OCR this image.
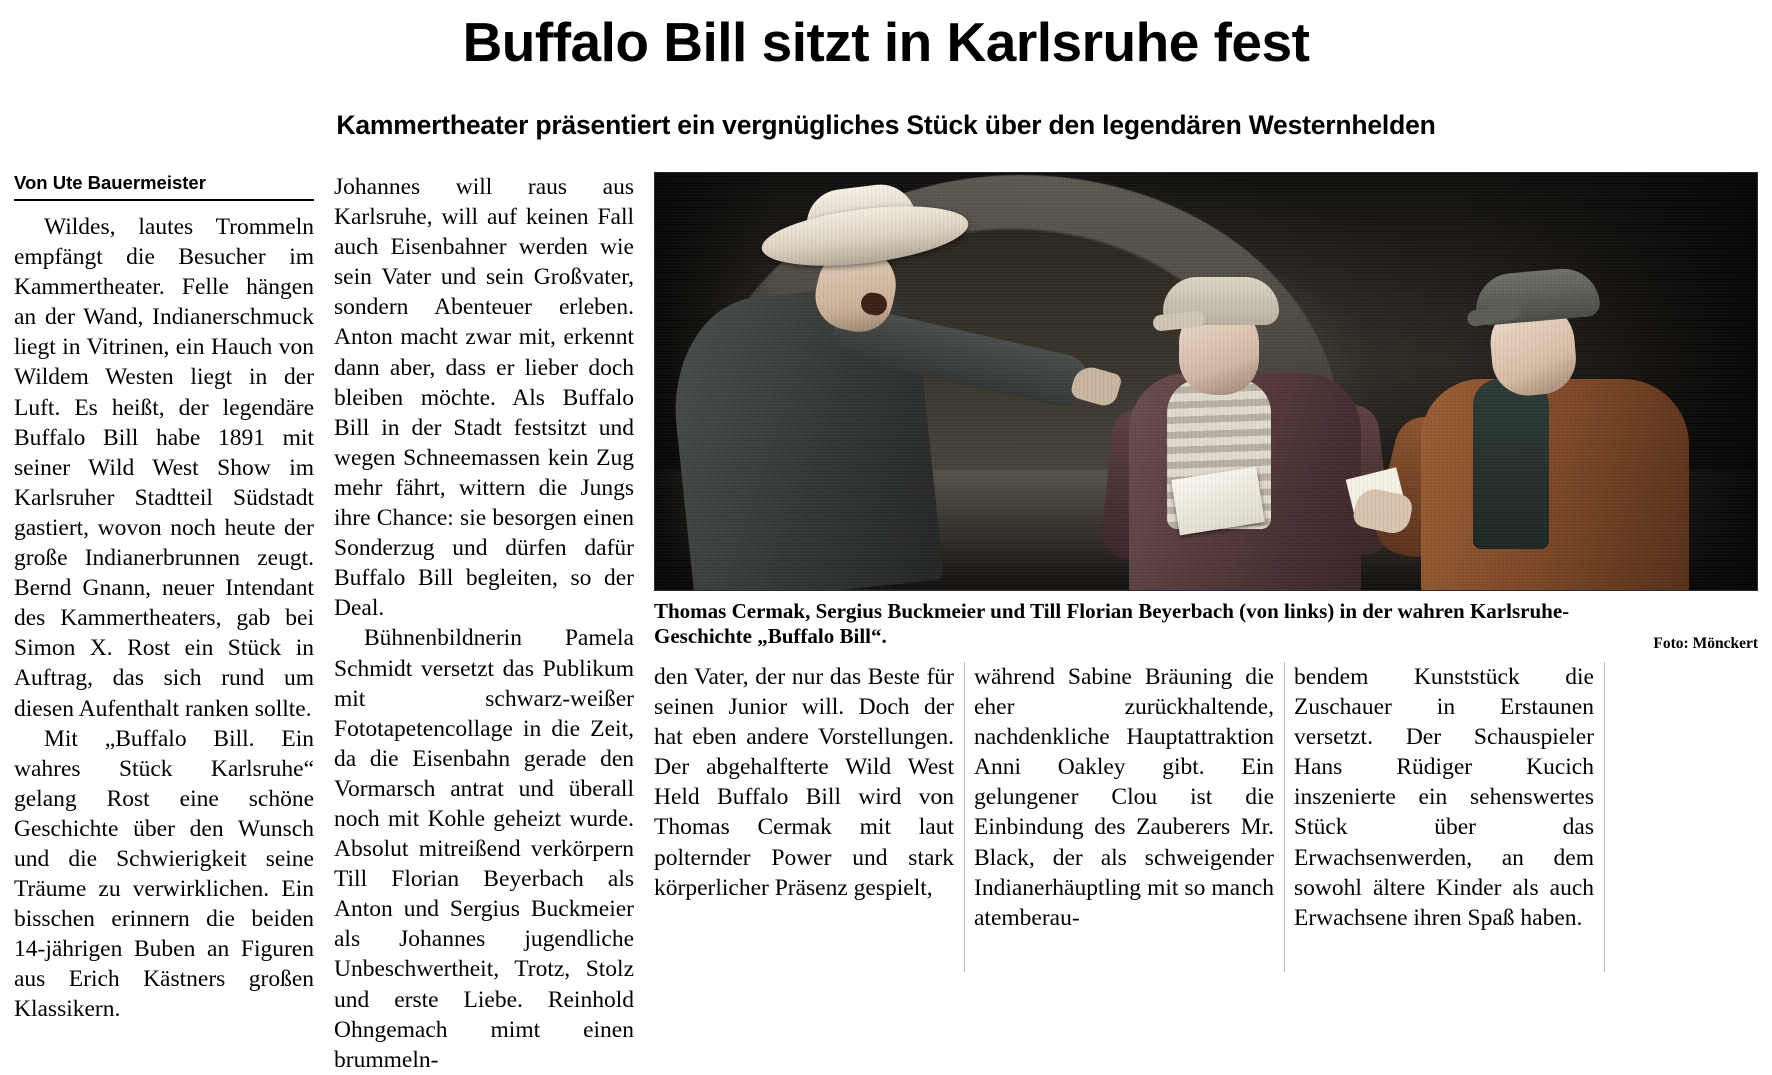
Buffalo Bill sitzt in Karlsruhe fest
Kammertheater präsentiert ein vergnügliches Stück über den legendären Westernhelden
Von Ute Bauermeister

Wildes, lautes Trommeln empfängt die Besucher im Kammertheater. Felle hängen an der Wand, Indianerschmuck liegt in Vitrinen, ein Hauch von Wildem Westen liegt in der Luft. Es heißt, der legendäre Buffalo Bill habe 1891 mit seiner Wild West Show im Karlsruher Stadtteil Südstadt gastiert, wovon noch heute der große Indianerbrunnen zeugt. Bernd Gnann, neuer Intendant des Kammertheaters, gab bei Simon X. Rost ein Stück in Auftrag, das sich rund um diesen Aufenthalt ranken sollte.

Mit „Buffalo Bill. Ein wahres Stück Karlsruhe“ gelang Rost eine schöne Geschichte über den Wunsch und die Schwierigkeit seine Träume zu verwirklichen. Ein bisschen erinnern die beiden 14-jährigen Buben an Figuren aus Erich Kästners großen Klassikern.

Johannes will raus aus Karlsruhe, will auf keinen Fall auch Eisenbahner werden wie sein Vater und sein Großvater, sondern Abenteuer erleben. Anton macht zwar mit, erkennt dann aber, dass er lieber doch bleiben möchte. Als Buffalo Bill in der Stadt festsitzt und wegen Schneemassen kein Zug mehr fährt, wittern die Jungs ihre Chance: sie besorgen einen Sonderzug und dürfen dafür Buffalo Bill begleiten, so der Deal.

Bühnenbildnerin Pamela Schmidt versetzt das Publikum mit schwarz-weißer Fototapetencollage in die Zeit, da die Eisenbahn gerade den Vormarsch antrat und überall noch mit Kohle geheizt wurde. Absolut mitreißend verkörpern Till Florian Beyerbach als Anton und Sergius Buckmeier als Johannes jugendliche Unbeschwertheit, Trotz, Stolz und erste Liebe. Reinhold Ohngemach mimt einen brummeln-

Thomas Cermak, Sergius Buckmeier und Till Florian Beyerbach (von links) in der wahren Karlsruhe-Geschichte „Buffalo Bill“.	Foto: Mönckert

den Vater, der nur das Beste für seinen Junior will. Doch der hat eben andere Vorstellungen. Der abgehalfterte Wild West Held Buffalo Bill wird von Thomas Cermak mit laut polternder Power und stark körperlicher Präsenz gespielt,

während Sabine Bräuning die eher zurückhaltende, nachdenkliche Hauptattraktion Anni Oakley gibt. Ein gelungener Clou ist die Einbindung des Zauberers Mr. Black, der als schweigender Indianerhäuptling mit so manch atemberau-

bendem Kunststück die Zuschauer in Erstaunen versetzt. Der Schauspieler Hans Rüdiger Kucich inszenierte ein sehenswertes Stück über das Erwachsenwerden, an dem sowohl ältere Kinder als auch Erwachsene ihren Spaß haben.
